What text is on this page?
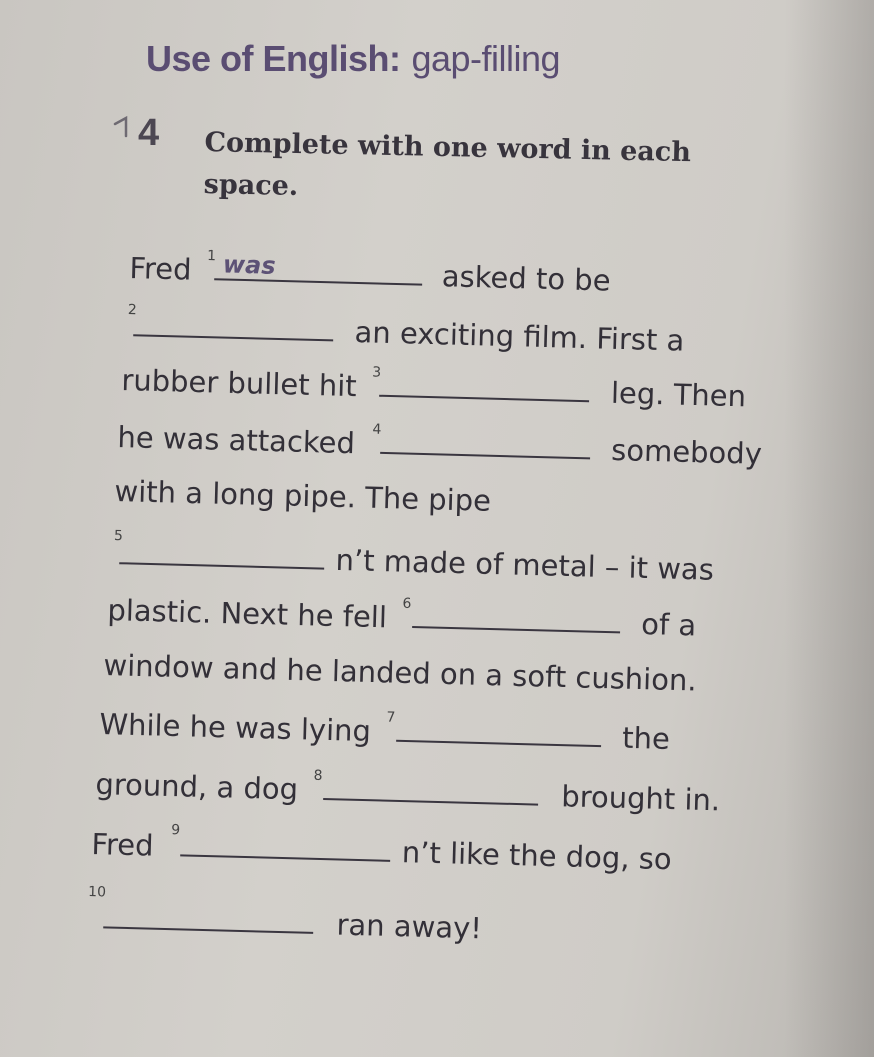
Use of English: gap-filling
4 Complete with one word in each
space.
Fred 1 was	asked to be
2
an exciting film. First a
rubber bullet hit 3
leg. Then
he was attacked 4
somebody
with a long pipe. The pipe
5
n’t made of metal – it was
plastic. Next he fell 6
of a
window and he landed on a soft cushion.
While he was lying 7
the
ground, a dog 8
brought in.
Fred 9
n’t like the dog, so
10
ran away!
